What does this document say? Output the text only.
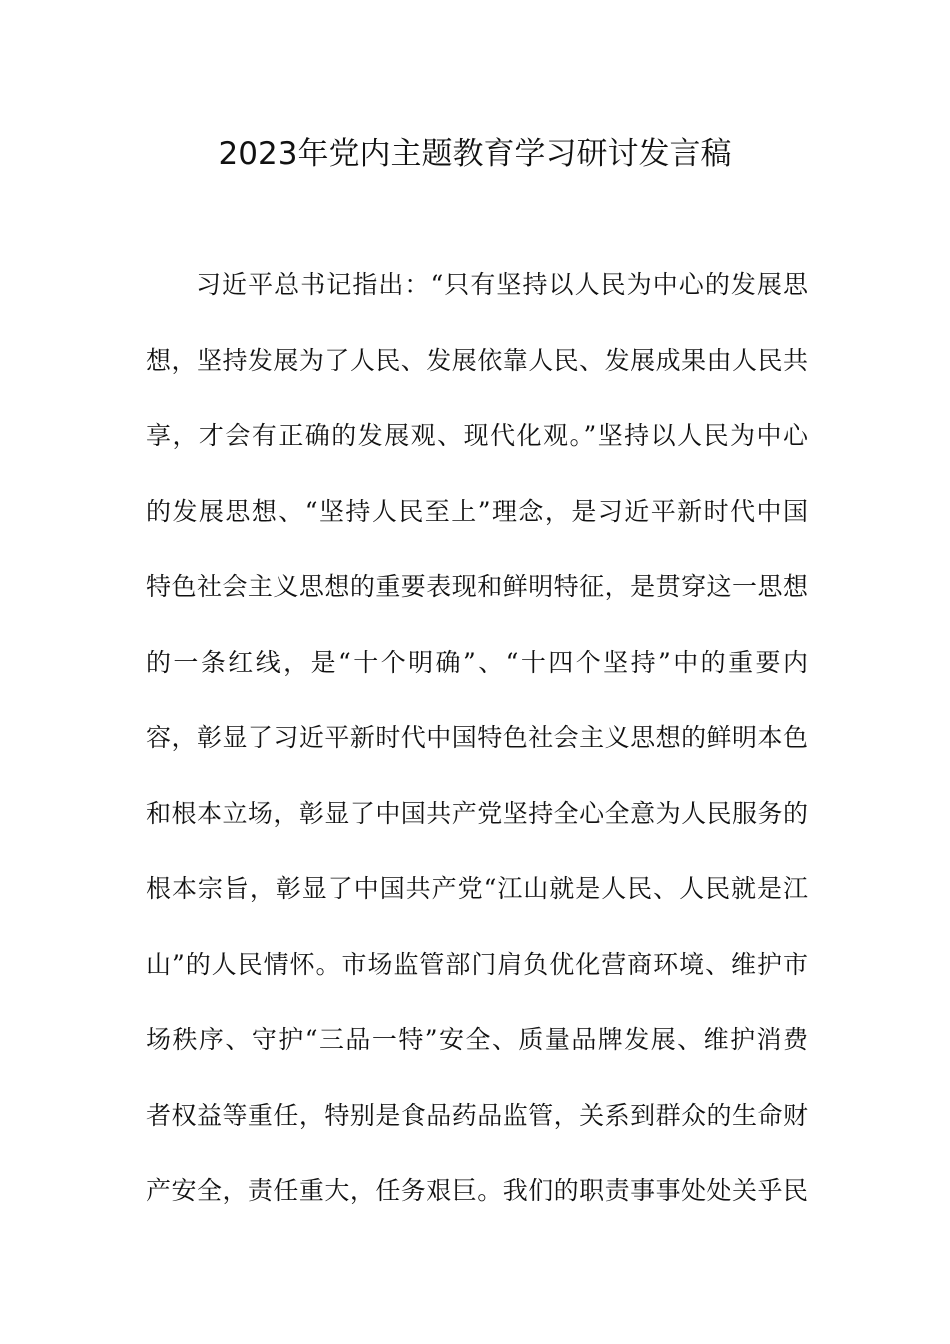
2023年党内主题教育学习研讨发言稿
习近平总书记指出：“只有坚持以人民为中心的发展思
想，坚持发展为了人民、发展依靠人民、发展成果由人民共
享，才会有正确的发展观、现代化观。”坚持以人民为中心
的发展思想、“坚持人民至上”理念，是习近平新时代中国
特色社会主义思想的重要表现和鲜明特征，是贯穿这一思想
的一条红线，是“十个明确”、“十四个坚持”中的重要内
容，彰显了习近平新时代中国特色社会主义思想的鲜明本色
和根本立场，彰显了中国共产党坚持全心全意为人民服务的
根本宗旨，彰显了中国共产党“江山就是人民、人民就是江
山”的人民情怀。市场监管部门肩负优化营商环境、维护市
场秩序、守护“三品一特”安全、质量品牌发展、维护消费
者权益等重任，特别是食品药品监管，关系到群众的生命财
产安全，责任重大，任务艰巨。我们的职责事事处处关乎民
